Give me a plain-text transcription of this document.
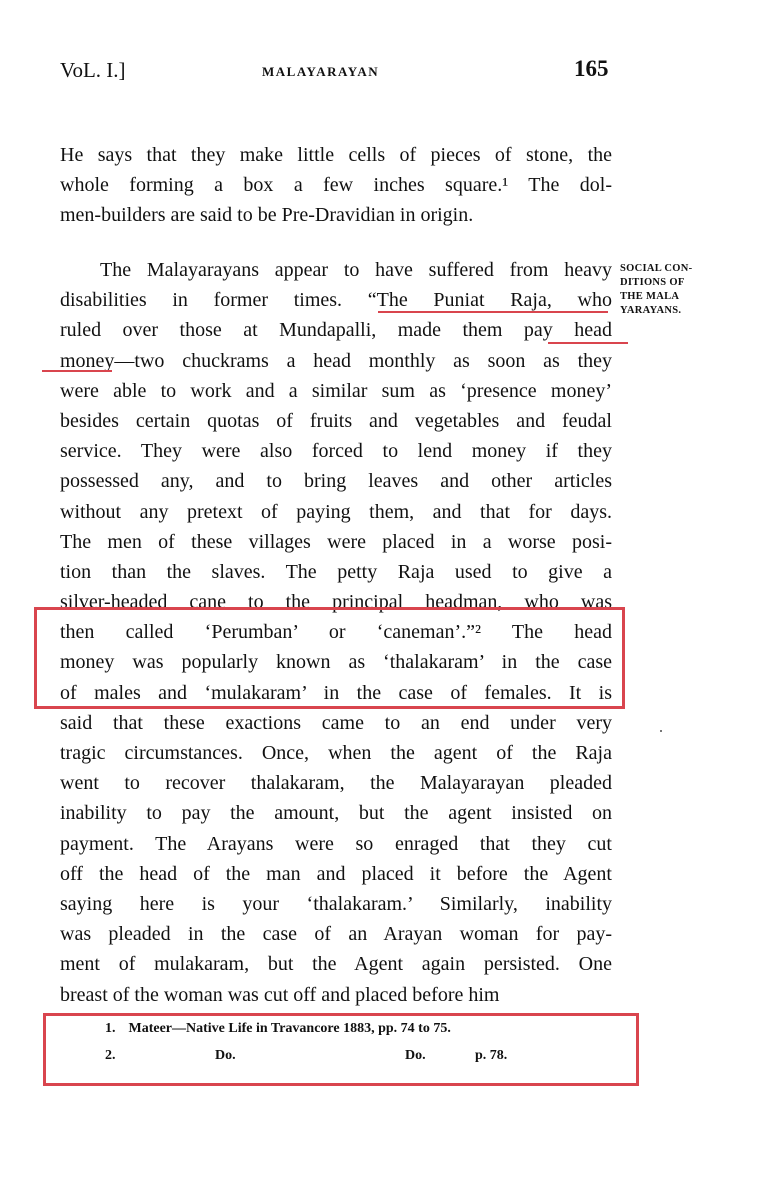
VoL. I.]	MALAYARAYAN	165
He says that they make little cells of pieces of stone, the
whole forming a box a few inches square.¹ The dol-
men-builders are said to be Pre-Dravidian in origin.
The Malayarayans appear to have suffered from heavy
disabilities in former times. “The Puniat Raja, who
ruled over those at Mundapalli, made them pay head
money—two chuckrams a head monthly as soon as they
were able to work and a similar sum as ‘presence money’
besides certain quotas of fruits and vegetables and feudal
service. They were also forced to lend money if they
possessed any, and to bring leaves and other articles
without any pretext of paying them, and that for days.
The men of these villages were placed in a worse posi-
tion than the slaves. The petty Raja used to give a
silver-headed cane to the principal headman, who was
then called ‘Perumban’ or ‘caneman’.”² The head
money was popularly known as ‘thalakaram’ in the case
of males and ‘mulakaram’ in the case of females. It is
said that these exactions came to an end under very
tragic circumstances. Once, when the agent of the Raja
went to recover thalakaram, the Malayarayan pleaded
inability to pay the amount, but the agent insisted on
payment. The Arayans were so enraged that they cut
off the head of the man and placed it before the Agent
saying here is your ‘thalakaram.’ Similarly, inability
was pleaded in the case of an Arayan woman for pay-
ment of mulakaram, but the Agent again persisted. One
breast of the woman was cut off and placed before him
SOCIAL CON-
DITIONS OF
THE MALA
YARAYANS.
1. Mateer—Native Life in Travancore 1883, pp. 74 to 75.
2.	Do.	Do.	p. 78.
